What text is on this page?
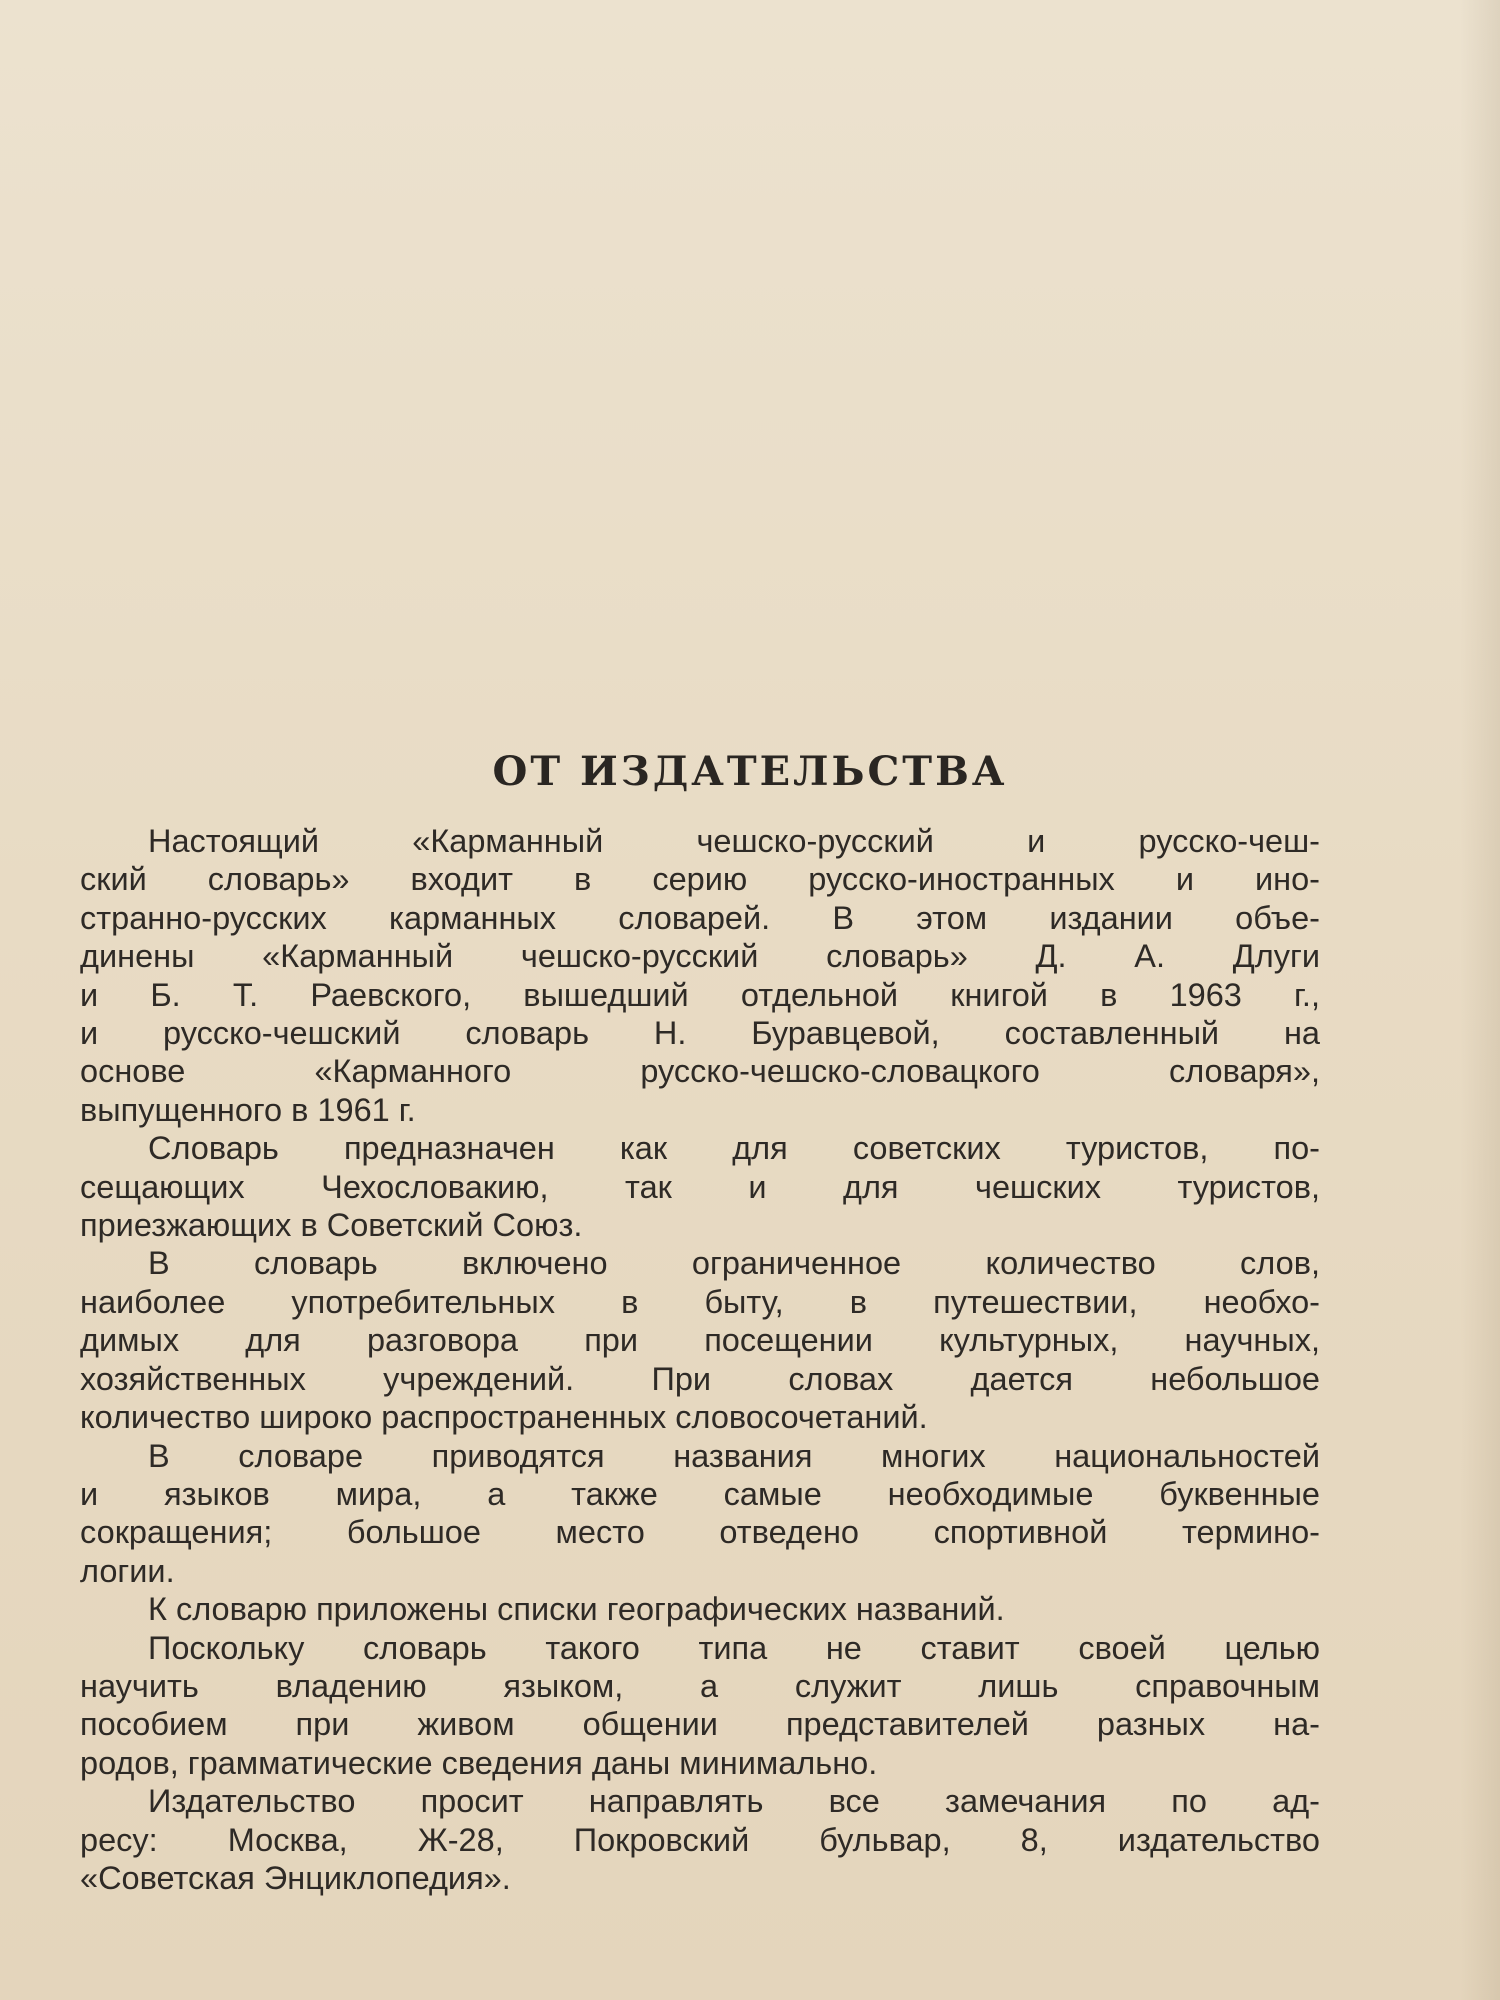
ОТ ИЗДАТЕЛЬСТВА
Настоящий «Карманный чешско-русский и русско-чеш-
ский словарь» входит в серию русско-иностранных и ино-
странно-русских карманных словарей. В этом издании объе-
динены «Карманный чешско-русский словарь» Д. А. Длуги
и Б. Т. Раевского, вышедший отдельной книгой в 1963 г.,
и русско-чешский словарь Н. Буравцевой, составленный на
основе «Карманного русско-чешско-словацкого словаря»,
выпущенного в 1961 г.
Словарь предназначен как для советских туристов, по-
сещающих Чехословакию, так и для чешских туристов,
приезжающих в Советский Союз.
В словарь включено ограниченное количество слов,
наиболее употребительных в быту, в путешествии, необхо-
димых для разговора при посещении культурных, научных,
хозяйственных учреждений. При словах дается небольшое
количество широко распространенных словосочетаний.
В словаре приводятся названия многих национальностей
и языков мира, а также самые необходимые буквенные
сокращения; большое место отведено спортивной термино-
логии.
К словарю приложены списки географических названий.
Поскольку словарь такого типа не ставит своей целью
научить владению языком, а служит лишь справочным
пособием при живом общении представителей разных на-
родов, грамматические сведения даны минимально.
Издательство просит направлять все замечания по ад-
ресу: Москва, Ж-28, Покровский бульвар, 8, издательство
«Советская Энциклопедия».
